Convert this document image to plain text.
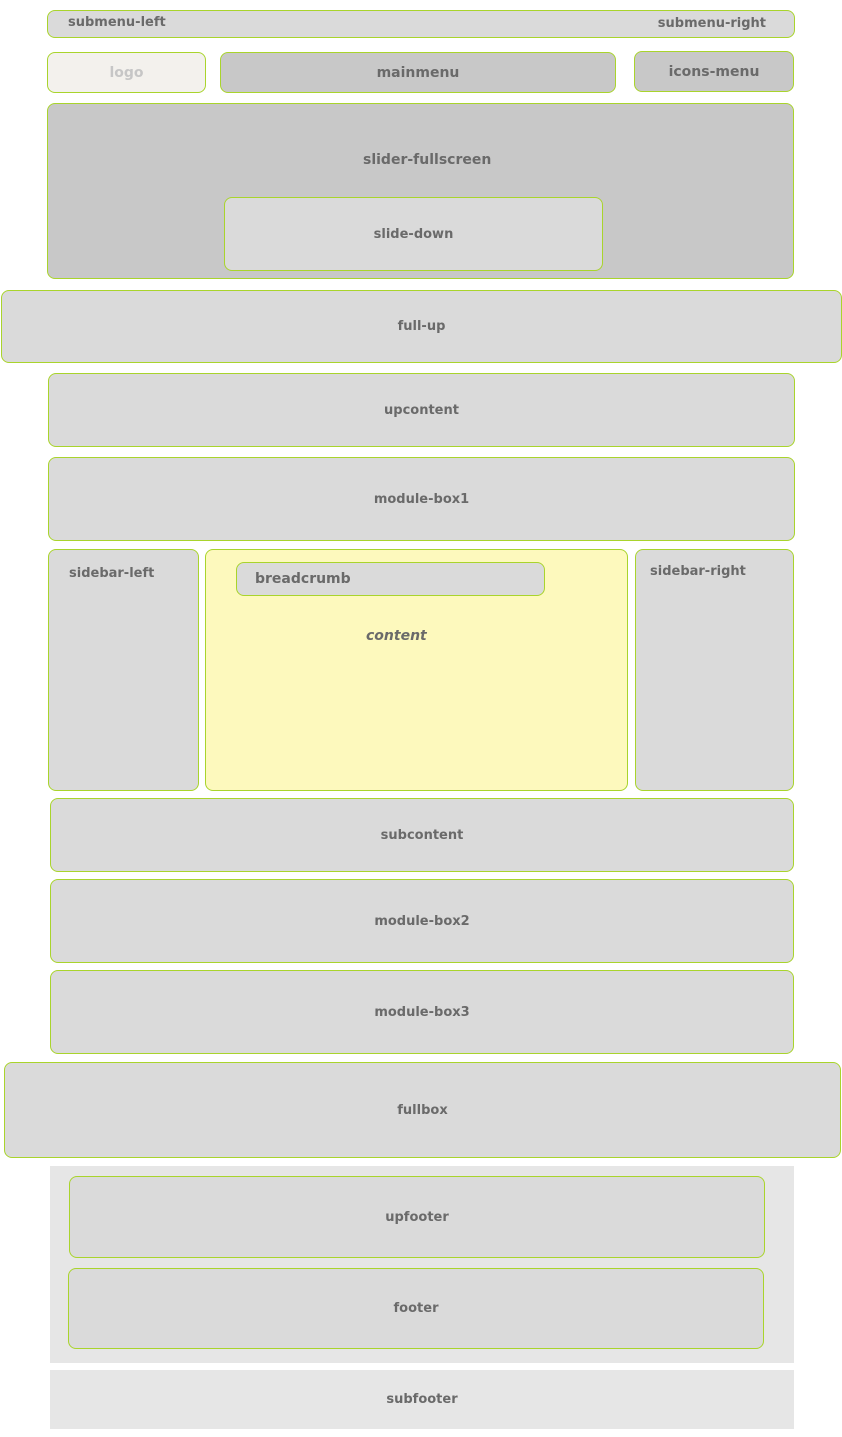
submenu-left	submenu-right
logo	mainmenu	icons-menu
slider-fullscreen
slide-down
full-up
upcontent
module-box1
sidebar-left
content
breadcrumb	sidebar-right
subcontent
module-box2
module-box3
fullbox
upfooter
footer
subfooter
